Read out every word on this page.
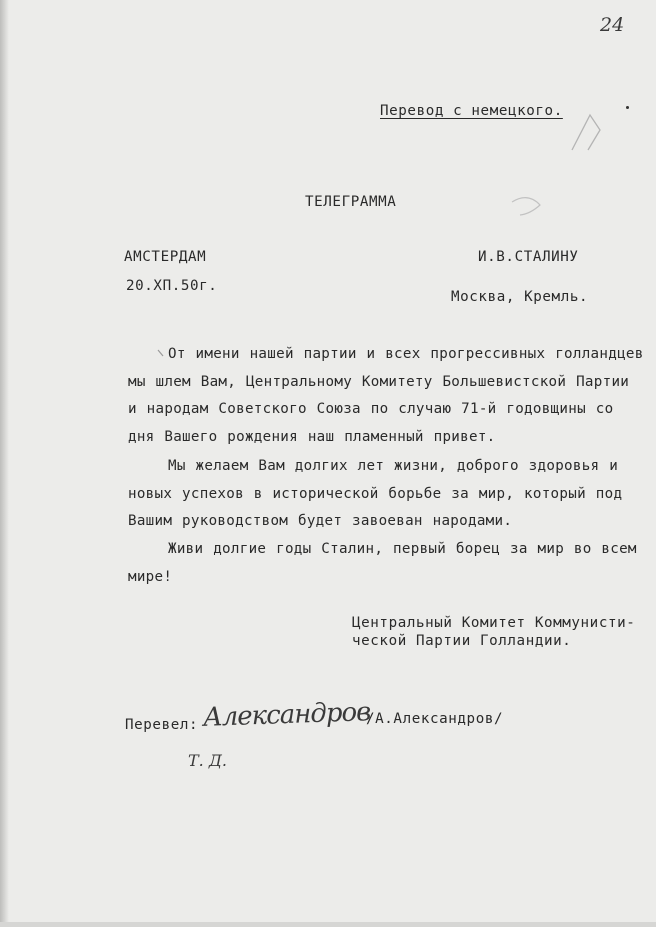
24
Перевод с немецкого.
ТЕЛЕГРАММА
АМСТЕРДАМ
20.XП.50г.
И.В.СТАЛИНУ
Москва, Кремль.
От имени нашей партии и всех прогрессивных голландцев мы шлем Вам, Центральному Комитету Большевистской Партии и народам Советского Союза по случаю 71-й годовщины со дня Вашего рождения наш пламенный привет.
Мы желаем Вам долгих лет жизни, доброго здоровья и новых успехов в исторической борьбе за мир, который под Вашим руководством будет завоеван народами.
Живи долгие годы Сталин, первый борец за мир во всем мире!
Центральный Комитет Коммунисти-
ческой Партии Голландии.
Перевел: Александров
/А.Александров/
Т. Д.
